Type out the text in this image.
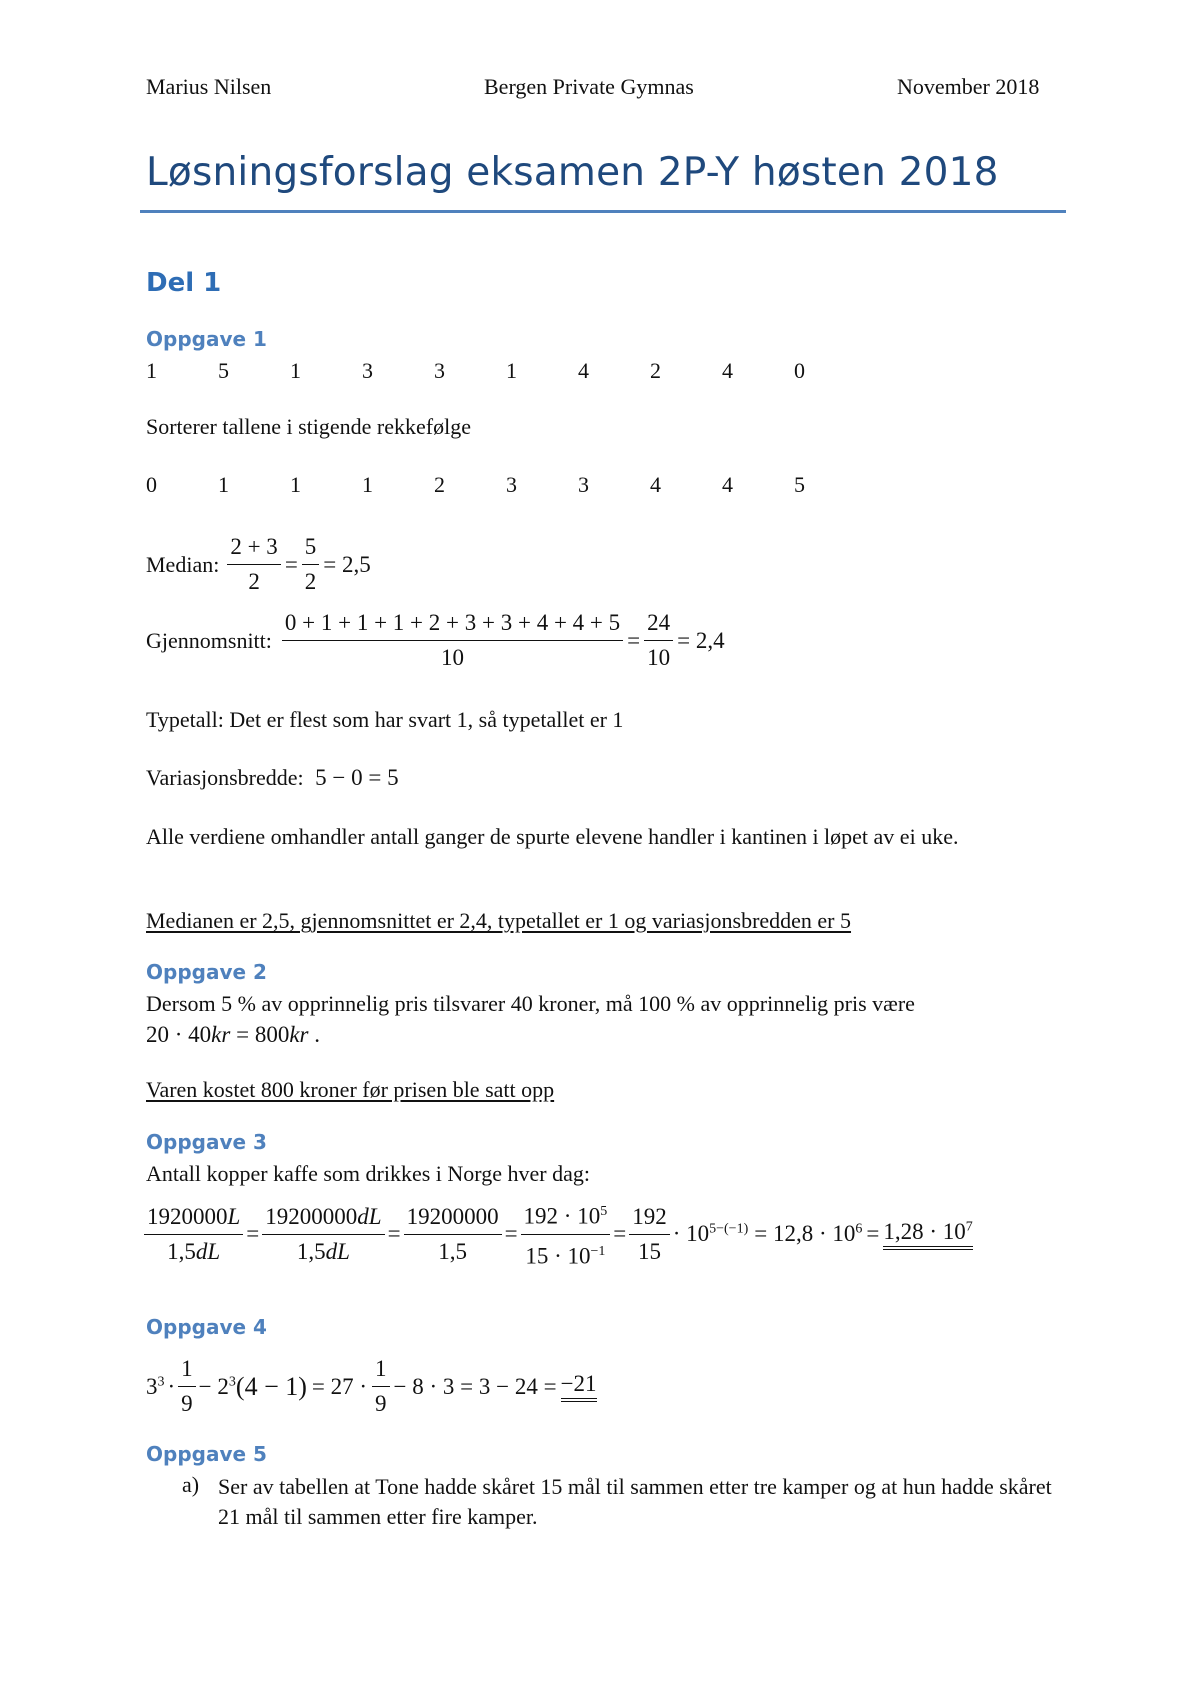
Marius Nilsen	Bergen Private Gymnas	November 2018
Løsningsforslag eksamen 2P-Y høsten 2018
Del 1
Oppgave 1
1	5	1	3	3	1	4	2	4	0
Sorterer tallene i stigende rekkefølge
0	1	1	1	2	3	3	4	4	5
Median: $\frac{2 + 3}{2} = \frac{5}{2} = 2,5$
Gjennomsnitt: $\frac{0 + 1 + 1 + 1 + 2 + 3 + 3 + 4 + 4 + 5}{10} = \frac{24}{10} = 2,4$
Typetall: Det er flest som har svart 1, så typetallet er 1
Variasjonsbredde: 5 − 0 = 5
Alle verdiene omhandler antall ganger de spurte elevene handler i kantinen i løpet av ei uke.
Medianen er 2,5, gjennomsnittet er 2,4, typetallet er 1 og variasjonsbredden er 5
Oppgave 2
Dersom 5 % av opprinnelig pris tilsvarer 40 kroner, må 100 % av opprinnelig pris være
20 · 40kr = 800kr .
Varen kostet 800 kroner før prisen ble satt opp
Oppgave 3
Antall kopper kaffe som drikkes i Norge hver dag:
$\frac{1920000L}{1,5dL} = \frac{19200000dL}{1,5dL} = \frac{19200000}{1,5} = \frac{192 \cdot 10^5}{15 \cdot 10^{-1}} = \frac{192}{15} \cdot 10^{5-(-1)} = 12,8 \cdot 10^6 = 1,28 \cdot 10^7$
Oppgave 4
$3^3 \cdot \frac{1}{9} - 2^3$ $(4 - 1) = 27 \cdot \frac{1}{9} - 8 \cdot 3 = 3 - 24 = -21$
Oppgave 5
a) Ser av tabellen at Tone hadde skåret 15 mål til sammen etter tre kamper og at hun hadde skåret 21 mål til sammen etter fire kamper.
